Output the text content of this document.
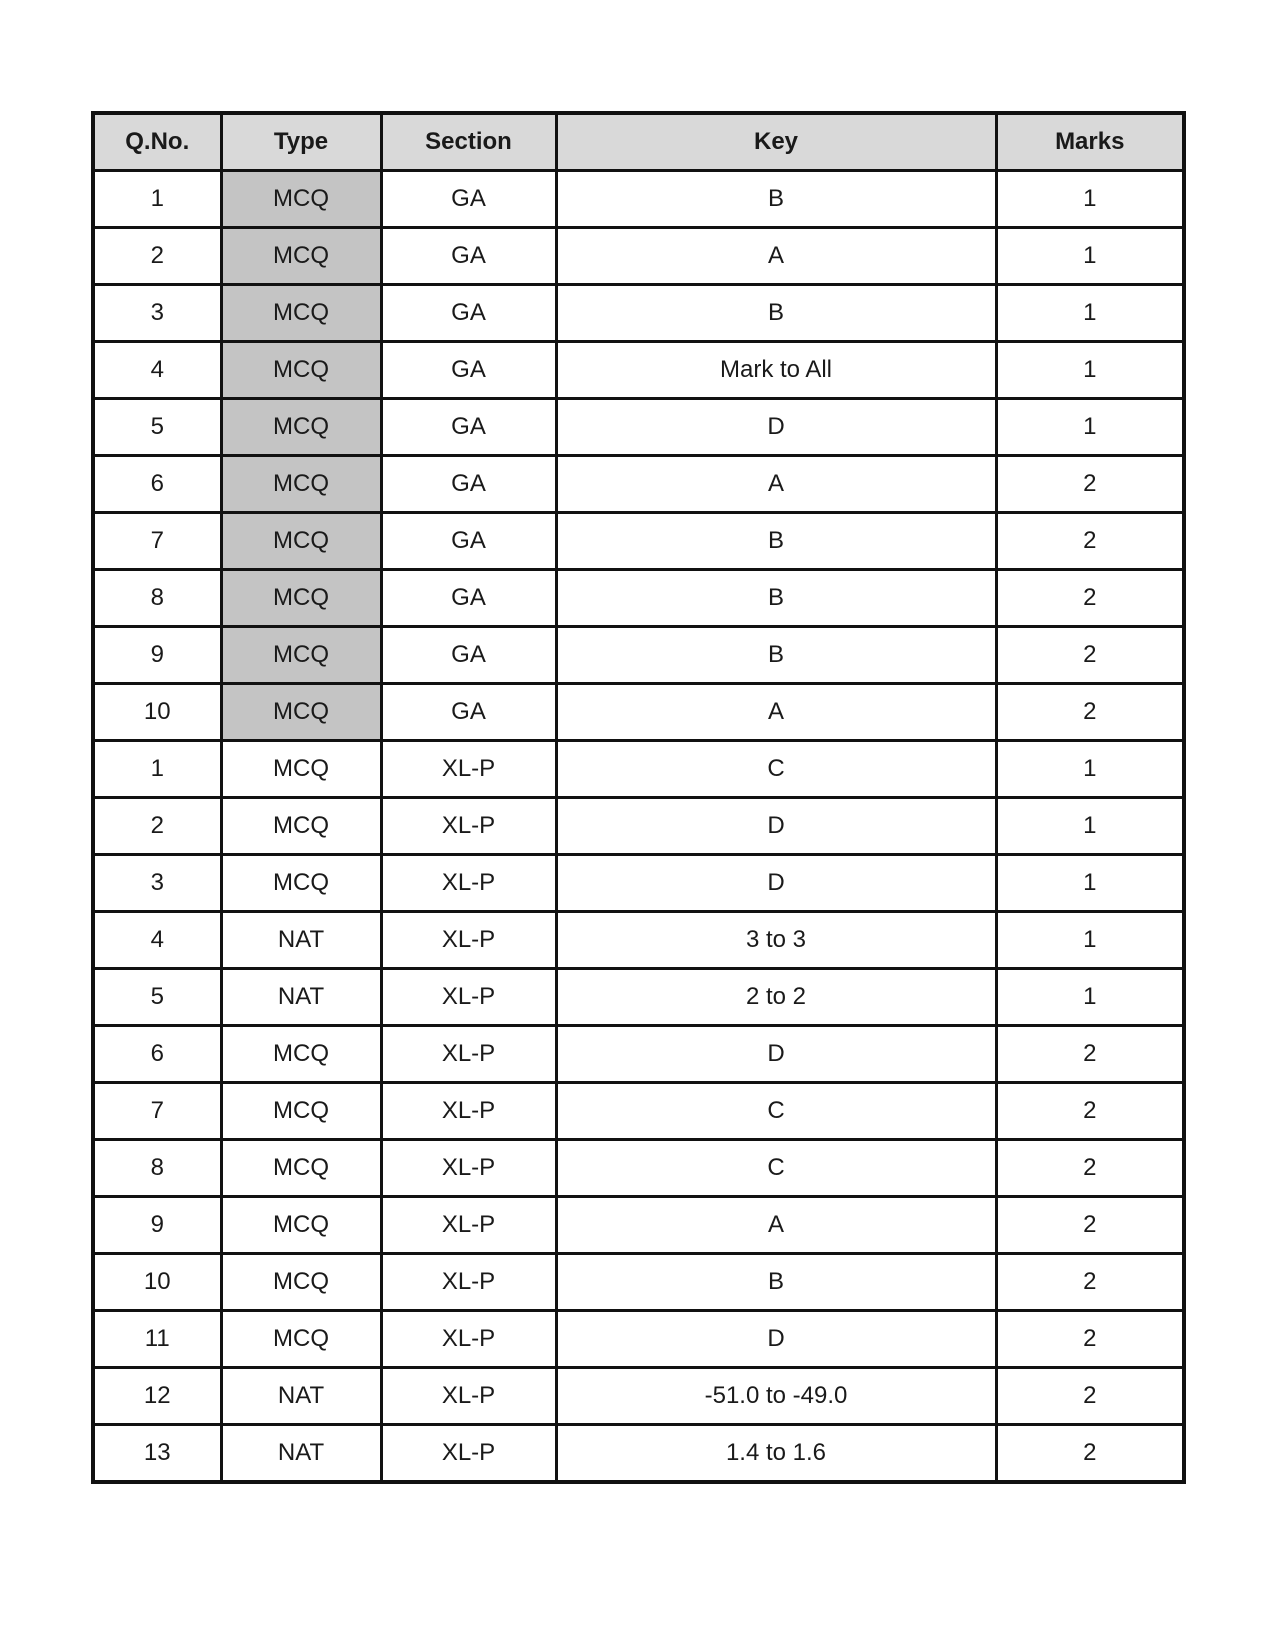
Q.No.	Type	Section	Key	Marks
1	MCQ	GA	B	1
2	MCQ	GA	A	1
3	MCQ	GA	B	1
4	MCQ	GA	Mark to All	1
5	MCQ	GA	D	1
6	MCQ	GA	A	2
7	MCQ	GA	B	2
8	MCQ	GA	B	2
9	MCQ	GA	B	2
10	MCQ	GA	A	2
1	MCQ	XL-P	C	1
2	MCQ	XL-P	D	1
3	MCQ	XL-P	D	1
4	NAT	XL-P	3 to 3	1
5	NAT	XL-P	2 to 2	1
6	MCQ	XL-P	D	2
7	MCQ	XL-P	C	2
8	MCQ	XL-P	C	2
9	MCQ	XL-P	A	2
10	MCQ	XL-P	B	2
11	MCQ	XL-P	D	2
12	NAT	XL-P	-51.0 to -49.0	2
13	NAT	XL-P	1.4 to 1.6	2
